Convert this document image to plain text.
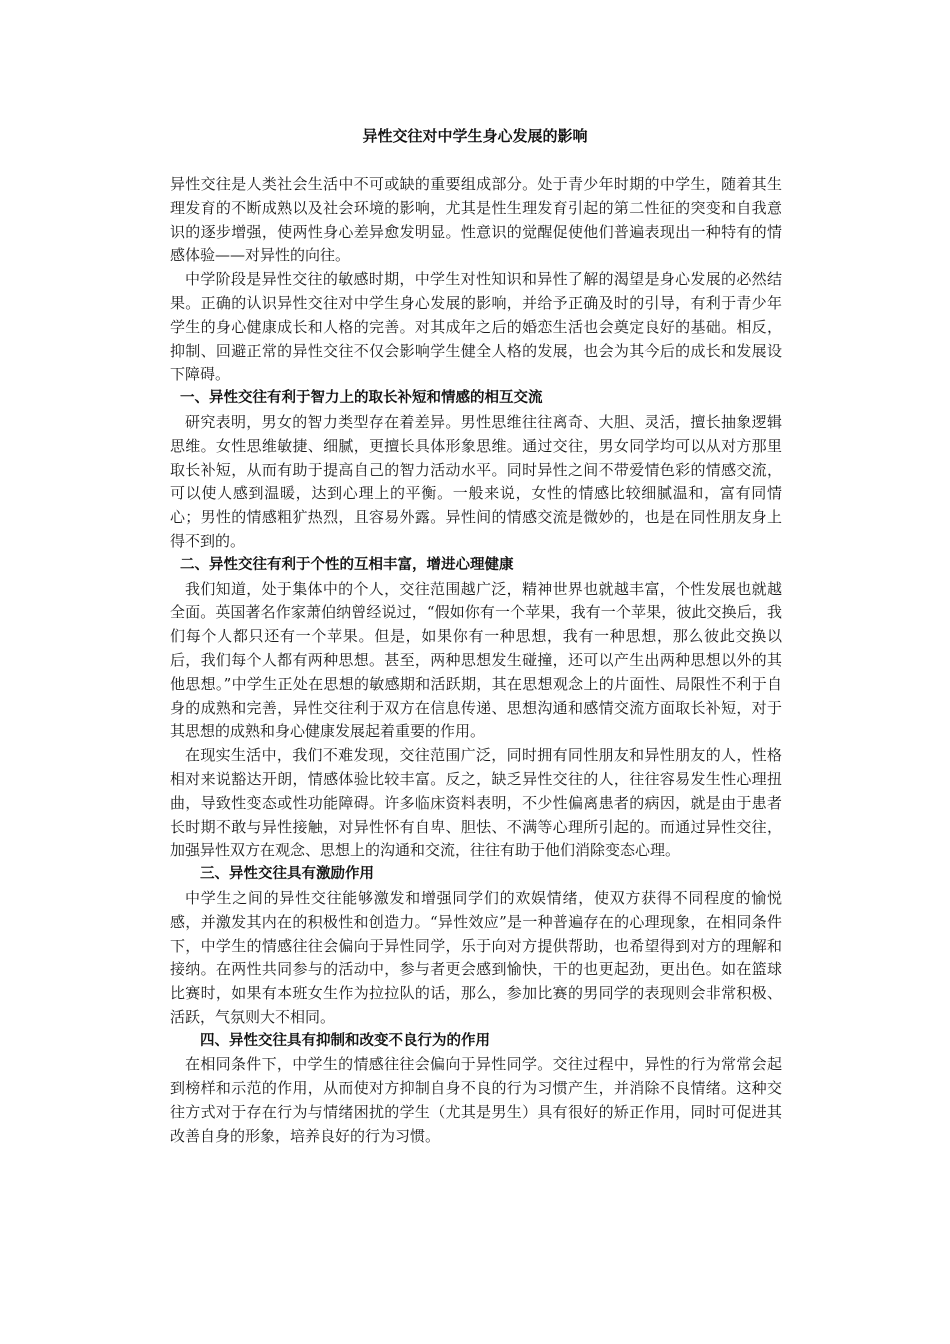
异性交往对中学生身心发展的影响

异性交往是人类社会生活中不可或缺的重要组成部分。处于青少年时期的中学生，随着其生理发育的不断成熟以及社会环境的影响，尤其是性生理发育引起的第二性征的突变和自我意识的逐步增强，使两性身心差异愈发明显。性意识的觉醒促使他们普遍表现出一种特有的情感体验——对异性的向往。

中学阶段是异性交往的敏感时期，中学生对性知识和异性了解的渴望是身心发展的必然结果。正确的认识异性交往对中学生身心发展的影响，并给予正确及时的引导，有利于青少年学生的身心健康成长和人格的完善。对其成年之后的婚恋生活也会奠定良好的基础。相反，抑制、回避正常的异性交往不仅会影响学生健全人格的发展，也会为其今后的成长和发展设下障碍。

一、异性交往有利于智力上的取长补短和情感的相互交流

研究表明，男女的智力类型存在着差异。男性思维往往离奇、大胆、灵活，擅长抽象逻辑思维。女性思维敏捷、细腻，更擅长具体形象思维。通过交往，男女同学均可以从对方那里取长补短，从而有助于提高自己的智力活动水平。同时异性之间不带爱情色彩的情感交流，可以使人感到温暖，达到心理上的平衡。一般来说，女性的情感比较细腻温和，富有同情心；男性的情感粗犷热烈，且容易外露。异性间的情感交流是微妙的，也是在同性朋友身上得不到的。

二、异性交往有利于个性的互相丰富，增进心理健康

我们知道，处于集体中的个人，交往范围越广泛，精神世界也就越丰富，个性发展也就越全面。英国著名作家萧伯纳曾经说过，“假如你有一个苹果，我有一个苹果，彼此交换后，我们每个人都只还有一个苹果。但是，如果你有一种思想，我有一种思想，那么彼此交换以后，我们每个人都有两种思想。甚至，两种思想发生碰撞，还可以产生出两种思想以外的其他思想。”中学生正处在思想的敏感期和活跃期，其在思想观念上的片面性、局限性不利于自身的成熟和完善，异性交往利于双方在信息传递、思想沟通和感情交流方面取长补短，对于其思想的成熟和身心健康发展起着重要的作用。

在现实生活中，我们不难发现，交往范围广泛，同时拥有同性朋友和异性朋友的人，性格相对来说豁达开朗，情感体验比较丰富。反之，缺乏异性交往的人，往往容易发生性心理扭曲，导致性变态或性功能障碍。许多临床资料表明，不少性偏离患者的病因，就是由于患者长时期不敢与异性接触，对异性怀有自卑、胆怯、不满等心理所引起的。而通过异性交往，加强异性双方在观念、思想上的沟通和交流，往往有助于他们消除变态心理。

三、异性交往具有激励作用

中学生之间的异性交往能够激发和增强同学们的欢娱情绪，使双方获得不同程度的愉悦感，并激发其内在的积极性和创造力。“异性效应”是一种普遍存在的心理现象，在相同条件下，中学生的情感往往会偏向于异性同学，乐于向对方提供帮助，也希望得到对方的理解和接纳。在两性共同参与的活动中，参与者更会感到愉快，干的也更起劲，更出色。如在篮球比赛时，如果有本班女生作为拉拉队的话，那么，参加比赛的男同学的表现则会非常积极、活跃，气氛则大不相同。

四、异性交往具有抑制和改变不良行为的作用

在相同条件下，中学生的情感往往会偏向于异性同学。交往过程中，异性的行为常常会起到榜样和示范的作用，从而使对方抑制自身不良的行为习惯产生，并消除不良情绪。这种交往方式对于存在行为与情绪困扰的学生（尤其是男生）具有很好的矫正作用，同时可促进其改善自身的形象，培养良好的行为习惯。
